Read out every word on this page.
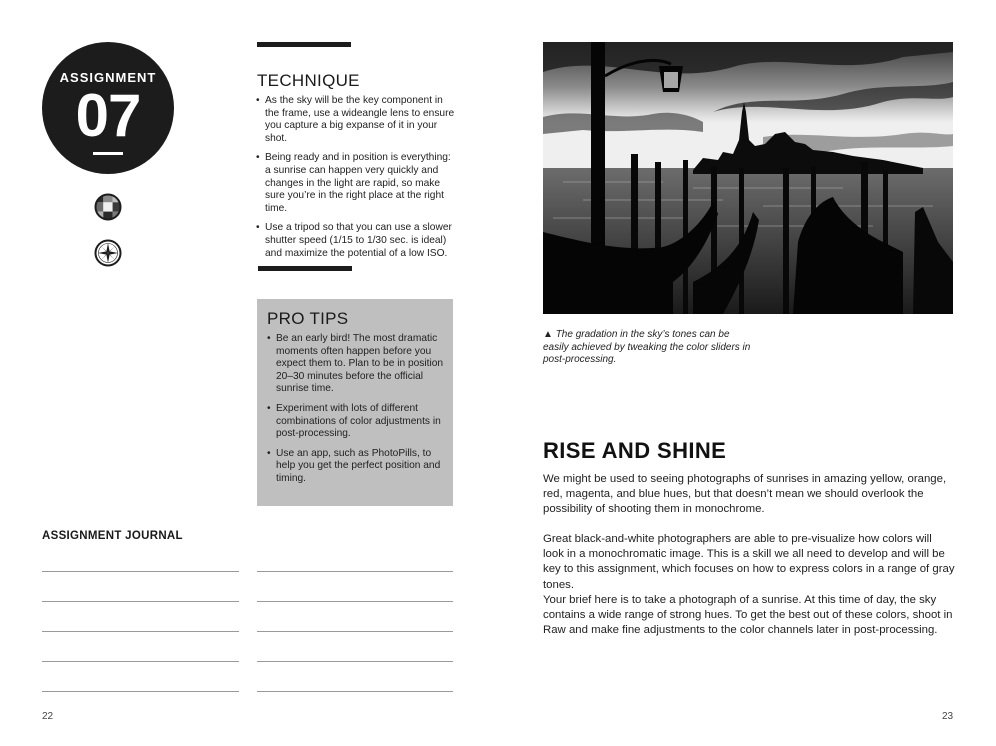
ASSIGNMENT
07
TECHNIQUE
• As the sky will be the key component in the frame, use a wideangle lens to ensure you capture a big expanse of it in your shot.
• Being ready and in position is everything: a sunrise can happen very quickly and changes in the light are rapid, so make sure you’re in the right place at the right time.
• Use a tripod so that you can use a slower shutter speed (1/15 to 1/30 sec. is ideal) and maximize the potential of a low ISO.
PRO TIPS
• Be an early bird! The most dramatic moments often happen before you expect them to. Plan to be in position 20–30 minutes before the official sunrise time.
• Experiment with lots of different combinations of color adjustments in post-processing.
• Use an app, such as PhotoPills, to help you get the perfect position and timing.
ASSIGNMENT JOURNAL
22	23
▲ The gradation in the sky’s tones can be easily achieved by tweaking the color sliders in post-processing.
RISE AND SHINE

We might be used to seeing photographs of sunrises in amazing yellow, orange, red, magenta, and blue hues, but that doesn’t mean we should overlook the possibility of shooting them in monochrome.

Great black-and-white photographers are able to pre-visualize how colors will look in a monochromatic image. This is a skill we all need to develop and will be key to this assignment, which focuses on how to express colors in a range of gray tones.

Your brief here is to take a photograph of a sunrise. At this time of day, the sky contains a wide range of strong hues. To get the best out of these colors, shoot in Raw and make fine adjustments to the color channels later in post-processing.
